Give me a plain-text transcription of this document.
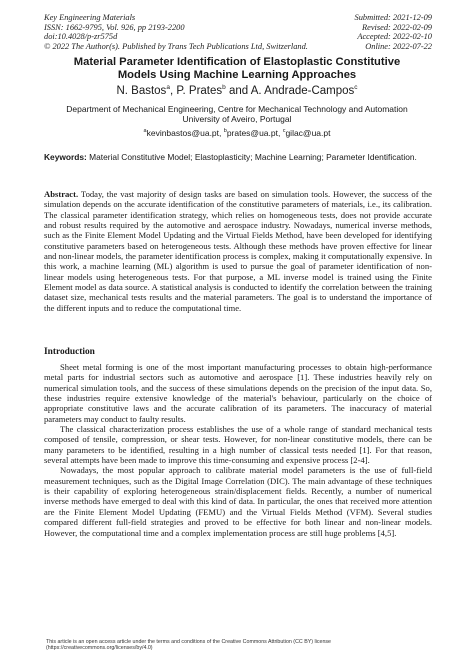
Key Engineering Materials
ISSN: 1662-9795, Vol. 926, pp 2193-2200
doi:10.4028/p-zr575d
© 2022 The Author(s). Published by Trans Tech Publications Ltd, Switzerland.
Submitted: 2021-12-09
Revised: 2022-02-09
Accepted: 2022-02-10
Online: 2022-07-22
Material Parameter Identification of Elastoplastic Constitutive
Models Using Machine Learning Approaches
N. Bastos$^a$, P. Prates$^b$ and A. Andrade-Campos$^c$
Department of Mechanical Engineering, Centre for Mechanical Technology and Automation
University of Aveiro, Portugal
$^a$kevinbastos@ua.pt, $^b$prates@ua.pt, $^c$gilac@ua.pt
Keywords: Material Constitutive Model; Elastoplasticity; Machine Learning; Parameter Identification.
Abstract. Today, the vast majority of design tasks are based on simulation tools. However, the success of the simulation depends on the accurate identification of the constitutive parameters of materials, i.e., its calibration. The classical parameter identification strategy, which relies on homogeneous tests, does not provide accurate and robust results required by the automotive and aerospace industry. Nowadays, numerical inverse methods, such as the Finite Element Model Updating and the Virtual Fields Method, have been developed for identifying constitutive parameters based on heterogeneous tests. Although these methods have proven effective for linear and non-linear models, the parameter identification process is complex, making it computationally expensive. In this work, a machine learning (ML) algorithm is used to pursue the goal of parameter identification of non-linear models using heterogeneous tests. For that purpose, a ML inverse model is trained using the Finite Element model as data source. A statistical analysis is conducted to identify the correlation between the training dataset size, mechanical tests results and the material parameters. The goal is to understand the importance of the different inputs and to reduce the computational time.
Introduction

Sheet metal forming is one of the most important manufacturing processes to obtain high-performance metal parts for industrial sectors such as automotive and aerospace [1]. These industries heavily rely on numerical simulation tools, and the success of these simulations depends on the precision of the input data. So, these industries require extensive knowledge of the material's behaviour, particularly on the choice of appropriate constitutive laws and the accurate calibration of its parameters. The inaccuracy of material parameters may conduct to faulty results.

The classical characterization process establishes the use of a whole range of standard mechanical tests composed of tensile, compression, or shear tests. However, for non-linear constitutive models, there can be many parameters to be identified, resulting in a high number of classical tests needed [1]. For that reason, several attempts have been made to improve this time-consuming and expensive process [2-4].

Nowadays, the most popular approach to calibrate material model parameters is the use of full-field measurement techniques, such as the Digital Image Correlation (DIC). The main advantage of these techniques is their capability of exploring heterogeneous strain/displacement fields. Recently, a number of numerical inverse methods have emerged to deal with this kind of data. In particular, the ones that received more attention are the Finite Element Model Updating (FEMU) and the Virtual Fields Method (VFM). Several studies compared different full-field strategies and proved to be effective for both linear and non-linear models. However, the computational time and a complex implementation process are still huge problems [4,5].

This article is an open access article under the terms and conditions of the Creative Commons Attribution (CC BY) license
(https://creativecommons.org/licenses/by/4.0)
